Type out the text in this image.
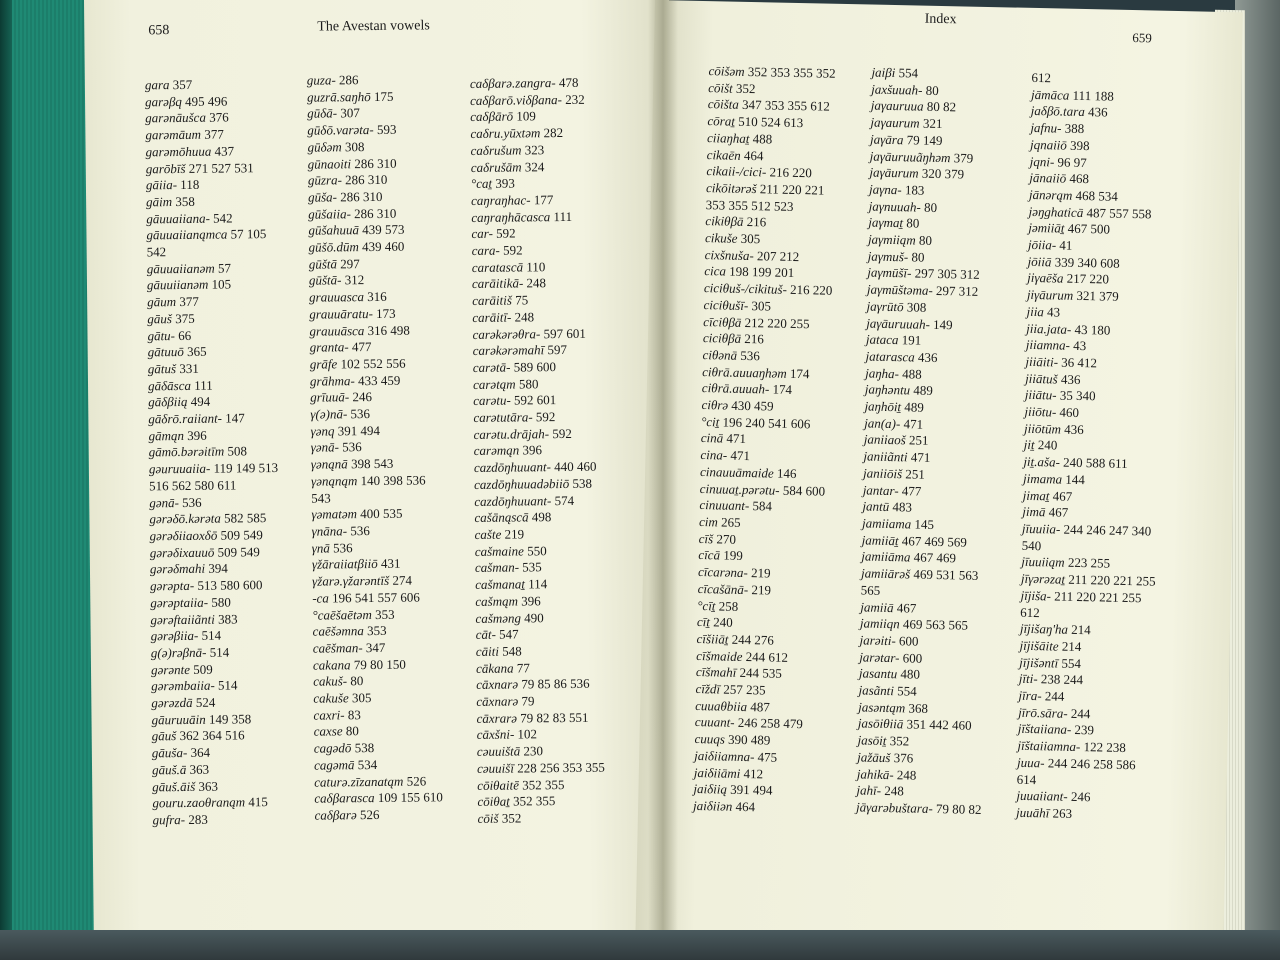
658	The Avestan vowels
gara 357
garəβq 495 496
garənāušca 376
garəmāum 377
garəmōhuua 437
garōbīš 271 527 531
gāiia- 118
gāim 358
gāuuaiiana- 542
gāuuaiianąmca 57 105
542
gāuuaiianəm 57
gāuuiianəm 105
gāum 377
gāuš 375
gātu- 66
gātuuō 365
gātuš 331
gāδāsca 111
gāδβiią 494
gāδrō.raiiant- 147
gāmąn 396
gāmō.bərəitīm 508
gəuruuaiia- 119 149 513
516 562 580 611
gənā- 536
gərəδō.kərəta 582 585
gərəδiiaoxδō 509 549
gərəδixauuō 509 549
gərəδmahi 394
gərəpta- 513 580 600
gərəptaiia- 580
gərəftaiiãnti 383
gərəβiia- 514
g(ə)rəβnā- 514
gərənte 509
gərəmbaiia- 514
gərəzdā 524
gāuruuāin 149 358
gāuš 362 364 516
gāuša- 364
gāuš.ā 363
gāuš.āiš 363
gouru.zaoθranąm 415
gufra- 283
guza- 286
guzrā.saŋhō 175
gūδā- 307
gūδō.varəta- 593
gūδəm 308
gūnaoiti 286 310
gūzra- 286 310
gūša- 286 310
gūšaiia- 286 310
gūšahuuā 439 573
gūšō.dūm 439 460
gūštā 297
gūštā- 312
grauuasca 316
grauuāratu- 173
grauuāsca 316 498
granta- 477
grāfe 102 552 556
grāhma- 433 459
grīuuā- 246
γ(ə)nā- 536
γənq 391 494
γənā- 536
γənąnā 398 543
γənąnąm 140 398 536
543
γəmatəm 400 535
γnāna- 536
γnā 536
γžāraiiatβiiō 431
γžarə.γžarəntīš 274
-ca 196 541 557 606
°caēšaētəm 353
caēšəmna 353
caēšman- 347
cakana 79 80 150
cakuš- 80
cakuše 305
caxri- 83
caxse 80
cagədō 538
cagəmā 534
caturə.zīzanatąm 526
caδβarasca 109 155 610
caδβarə 526
caδβarə.zangra- 478
caδβarō.viδβana- 232
caδβārō 109
caδru.yūxtəm 282
caδrušum 323
caδrušām 324
°caṯ 393
caŋraŋhac- 177
caŋraŋhācasca 111
car- 592
cara- 592
caratascā 110
carāitikā- 248
carāitiš 75
carāitī- 248
carəkərəθra- 597 601
carəkərəmahī 597
carətā- 589 600
carətąm 580
carətu- 592 601
carətutāra- 592
carətu.drājah- 592
carəmąn 396
cazdōŋhuuant- 440 460
cazdōŋhuuadəbiiō 538
cazdōŋhuuant- 574
cašānąscā 498
cašte 219
cašmaine 550
cašman- 535
cašmanaṯ 114
cašmąm 396
cašməng 490
cāt- 547
cāiti 548
cākana 77
cāxnarə 79 85 86 536
cāxnarə 79
cāxrarə 79 82 83 551
cāxšni- 102
cəuuištā 230
cəuuišī 228 256 353 355
cōiθaitē 352 355
cōiθaṯ 352 355
cōiš 352
Index
659
cōišəm 352 353 355 352
cōišt 352
cōišta 347 353 355 612
cōraṯ 510 524 613
ciiaŋhaṯ 488
cikaēn 464
cikaii-/cici- 216 220
cikōitərəš 211 220 221
353 355 512 523
cikiθβā 216
cikuše 305
cixšnuša- 207 212
cica 198 199 201
ciciθuš-/cikituš- 216 220
ciciθušī- 305
cīciθβā 212 220 255
ciciθβā 216
ciθənā 536
ciθrā.auuaŋhəm 174
ciθrā.auuah- 174
ciθrə 430 459
°ciṯ 196 240 541 606
cinā 471
cina- 471
cinauuāmaide 146
cinuuaṯ.pərətu- 584 600
cinuuant- 584
cim 265
cīš 270
cīcā 199
cīcarəna- 219
cīcašānā- 219
°cīṯ 258
cīṯ 240
cīšiiāṯ 244 276
cīšmaide 244 612
cīšmahī 244 535
cīždī 257 235
cuuaθbiia 487
cuuant- 246 258 479
cuuqs 390 489
jaiδiiamna- 475
jaiδiiāmi 412
jaiδiią 391 494
jaiδiiən 464
jaiβi 554
jaxšuuah- 80
jaγauruua 80 82
jaγaurum 321
jaγāra 79 149
jaγāuruuãŋhəm 379
jaγāurum 320 379
jaγna- 183
jaγnuuah- 80
jaγmaṯ 80
jaγmiiąm 80
jaγmuš- 80
jaγmūšī- 297 305 312
jaγmūštəma- 297 312
jaγrūtō 308
jaγāuruuah- 149
jataca 191
jatarasca 436
jaŋha- 488
jaŋhəntu 489
jaŋhōiṯ 489
jan(a)- 471
janiiaoš 251
janiiãnti 471
janiiōiš 251
jantar- 477
jantū 483
jamiiama 145
jamiiāṯ 467 469 569
jamiiāma 467 469
jamiiārəš 469 531 563
565
jamiiā 467
jamiiqn 469 563 565
jarəiti- 600
jarətar- 600
jasantu 480
jasãnti 554
jasəntąm 368
jasōiθiiā 351 442 460
jasōiṯ 352
jažāuš 376
jahikā- 248
jahī- 248
jāγarəbuštara- 79 80 82
612
jāmāca 111 188
jaδβō.tara 436
jafnu- 388
jqnaiiō 398
jqni- 96 97
jānaiiō 468
jānərąm 468 534
jəŋghaticā 487 557 558
jəmiiāṯ 467 500
jōiia- 41
jōiiā 339 340 608
jiγaēša 217 220
jiγāurum 321 379
jiia 43
jiia.jata- 43 180
jiiamna- 43
jiiāiti- 36 412
jiiātuš 436
jiiātu- 35 340
jiiōtu- 460
jiiōtūm 436
jiṯ 240
jiṯ.aša- 240 588 611
jimama 144
jimaṯ 467
jimā 467
jīuuiia- 244 246 247 340
540
jīuuiiąm 223 255
jīγərəzaṯ 211 220 221 255
jījiša- 211 220 221 255
612
jījišaŋ'ha 214
jījišāite 214
jījišəntī 554
jīti- 238 244
jīra- 244
jīrō.sāra- 244
jīštaiiana- 239
jīštaiiamna- 122 238
juua- 244 246 258 586
614
juuaiiant- 246
juuāhī 263
